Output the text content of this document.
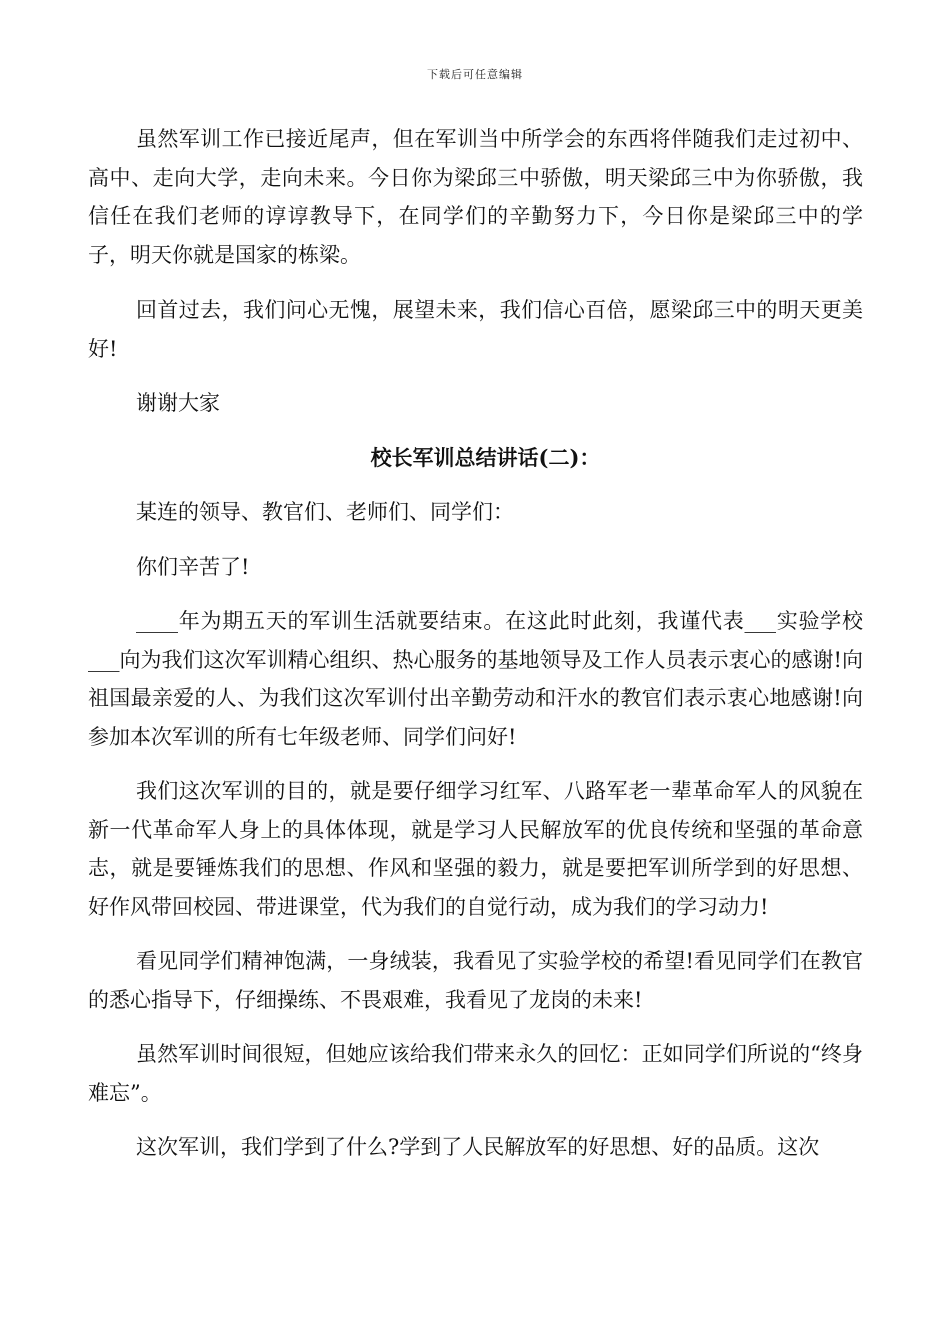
下载后可任意编辑

虽然军训工作已接近尾声，但在军训当中所学会的东西将伴随我们走过初中、高中、走向大学，走向未来。今日你为梁邱三中骄傲，明天梁邱三中为你骄傲，我信任在我们老师的谆谆教导下，在同学们的辛勤努力下，今日你是梁邱三中的学子，明天你就是国家的栋梁。

回首过去，我们问心无愧，展望未来，我们信心百倍，愿梁邱三中的明天更美好!

谢谢大家

校长军训总结讲话(二)：

某连的领导、教官们、老师们、同学们：

你们辛苦了!

____年为期五天的军训生活就要结束。在这此时此刻，我谨代表___实验学校___向为我们这次军训精心组织、热心服务的基地领导及工作人员表示衷心的感谢!向祖国最亲爱的人、为我们这次军训付出辛勤劳动和汗水的教官们表示衷心地感谢!向参加本次军训的所有七年级老师、同学们问好!

我们这次军训的目的，就是要仔细学习红军、八路军老一辈革命军人的风貌在新一代革命军人身上的具体体现，就是学习人民解放军的优良传统和坚强的革命意志，就是要锤炼我们的思想、作风和坚强的毅力，就是要把军训所学到的好思想、好作风带回校园、带进课堂，代为我们的自觉行动，成为我们的学习动力!

看见同学们精神饱满，一身绒装，我看见了实验学校的希望!看见同学们在教官的悉心指导下，仔细操练、不畏艰难，我看见了龙岗的未来!

虽然军训时间很短，但她应该给我们带来永久的回忆：正如同学们所说的“终身难忘”。

这次军训，我们学到了什么?学到了人民解放军的好思想、好的品质。这次
